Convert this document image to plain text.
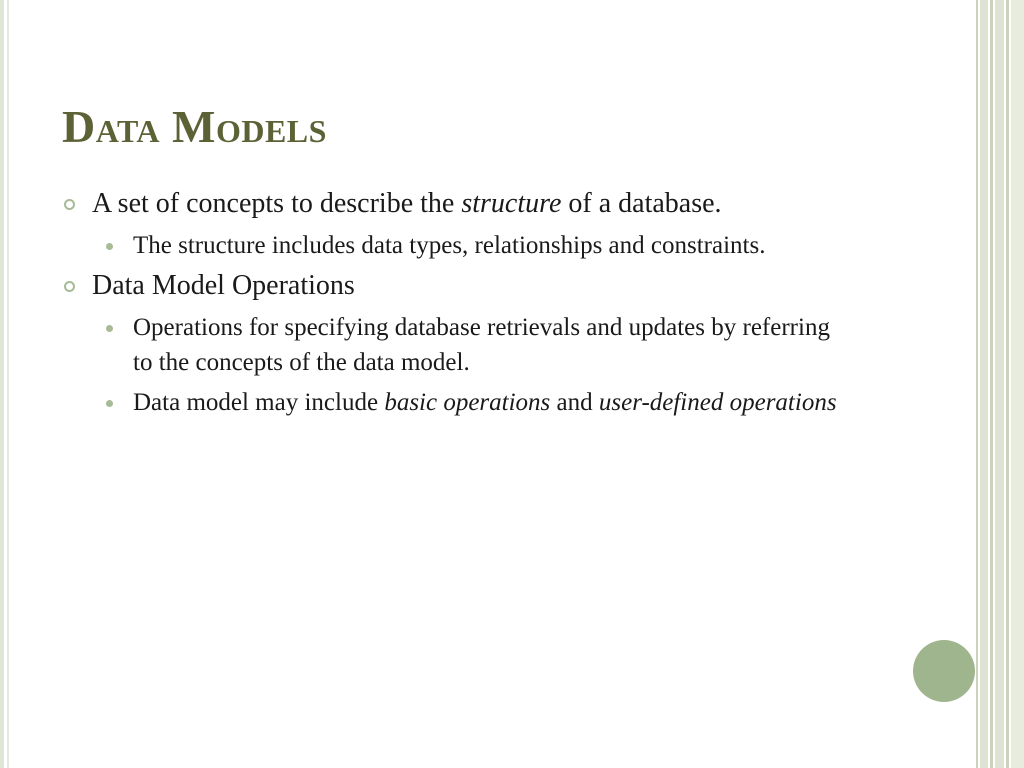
Data Models
A set of concepts to describe the structure of a database.
The structure includes data types, relationships and constraints.
Data Model Operations
Operations for specifying database retrievals and updates by referring to the concepts of the data model.
Data model may include basic operations and user-defined operations
